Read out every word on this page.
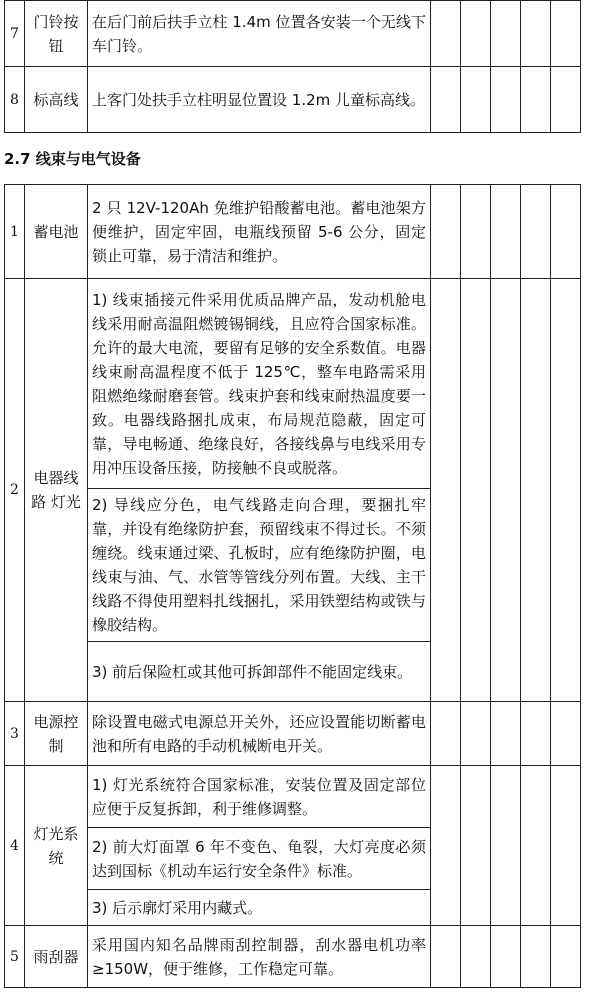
7	门铃按钮	在后门前后扶手立柱 1.4m 位置各安装一个无线下车门铃。					
8	标高线	上客门处扶手立柱明显位置设 1.2m 儿童标高线。					
2.7 线束与电气设备
1	蓄电池	2 只 12V-120Ah 免维护铅酸蓄电池。蓄电池架方便维护，固定牢固，电瓶线预留 5-6 公分，固定锁止可靠，易于清洁和维护。					
2	电器线路 灯光	1) 线束插接元件采用优质品牌产品，发动机舱电线采用耐高温阻燃镀锡铜线，且应符合国家标准。允许的最大电流，要留有足够的安全系数值。电器线束耐高温程度不低于 125℃，整车电路需采用阻燃绝缘耐磨套管。线束护套和线束耐热温度要一致。电器线路捆扎成束，布局规范隐蔽，固定可靠，导电畅通、绝缘良好，各接线鼻与电线采用专用冲压设备压接，防接触不良或脱落。					
		2) 导线应分色，电气线路走向合理，要捆扎牢靠，并设有绝缘防护套，预留线束不得过长。不须缠绕。线束通过梁、孔板时，应有绝缘防护圈，电线束与油、气、水管等管线分列布置。大线、主干线路不得使用塑料扎线捆扎，采用铁塑结构或铁与橡胶结构。					
		3) 前后保险杠或其他可拆卸部件不能固定线束。					
3	电源控制	除设置电磁式电源总开关外，还应设置能切断蓄电池和所有电路的手动机械断电开关。					
4	灯光系统	1) 灯光系统符合国家标准，安装位置及固定部位应便于反复拆卸，利于维修调整。					
		2) 前大灯面罩 6 年不变色、龟裂，大灯亮度必须达到国标《机动车运行安全条件》标准。					
		3) 后示廓灯采用内藏式。					
5	雨刮器	采用国内知名品牌雨刮控制器，刮水器电机功率≥150W，便于维修，工作稳定可靠。					
